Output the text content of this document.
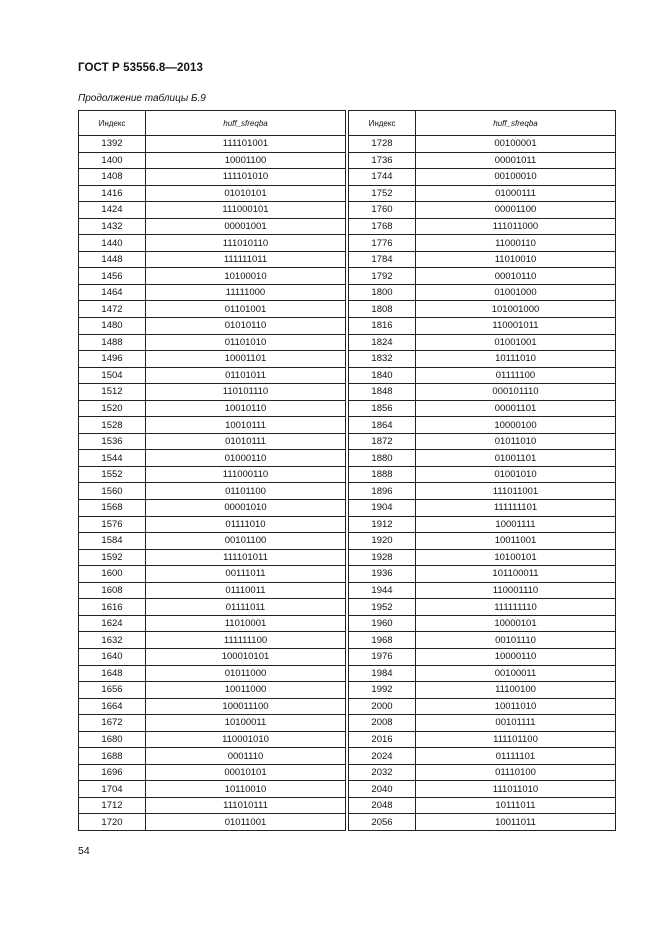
ГОСТ Р 53556.8—2013
Продолжение таблицы Б.9
Индекс	huff_sfreqba
1392	111101001
1400	10001100
1408	111101010
1416	01010101
1424	111000101
1432	00001001
1440	111010110
1448	111111011
1456	10100010
1464	11111000
1472	01101001
1480	01010110
1488	01101010
1496	10001101
1504	01101011
1512	110101110
1520	10010110
1528	10010111
1536	01010111
1544	01000110
1552	111000110
1560	01101100
1568	00001010
1576	01111010
1584	00101100
1592	111101011
1600	00111011
1608	01110011
1616	01111011
1624	11010001
1632	111111100
1640	100010101
1648	01011000
1656	10011000
1664	100011100
1672	10100011
1680	110001010
1688	0001110
1696	00010101
1704	10110010
1712	111010111
1720	01011001
Индекс	huff_sfreqba
1728	00100001
1736	00001011
1744	00100010
1752	01000111
1760	00001100
1768	111011000
1776	11000110
1784	11010010
1792	00010110
1800	01001000
1808	101001000
1816	110001011
1824	01001001
1832	10111010
1840	01111100
1848	000101110
1856	00001101
1864	10000100
1872	01011010
1880	01001101
1888	01001010
1896	111011001
1904	111111101
1912	10001111
1920	10011001
1928	10100101
1936	101100011
1944	110001110
1952	111111110
1960	10000101
1968	00101110
1976	10000110
1984	00100011
1992	11100100
2000	10011010
2008	00101111
2016	111101100
2024	01111101
2032	01110100
2040	111011010
2048	10111011
2056	10011011
54
